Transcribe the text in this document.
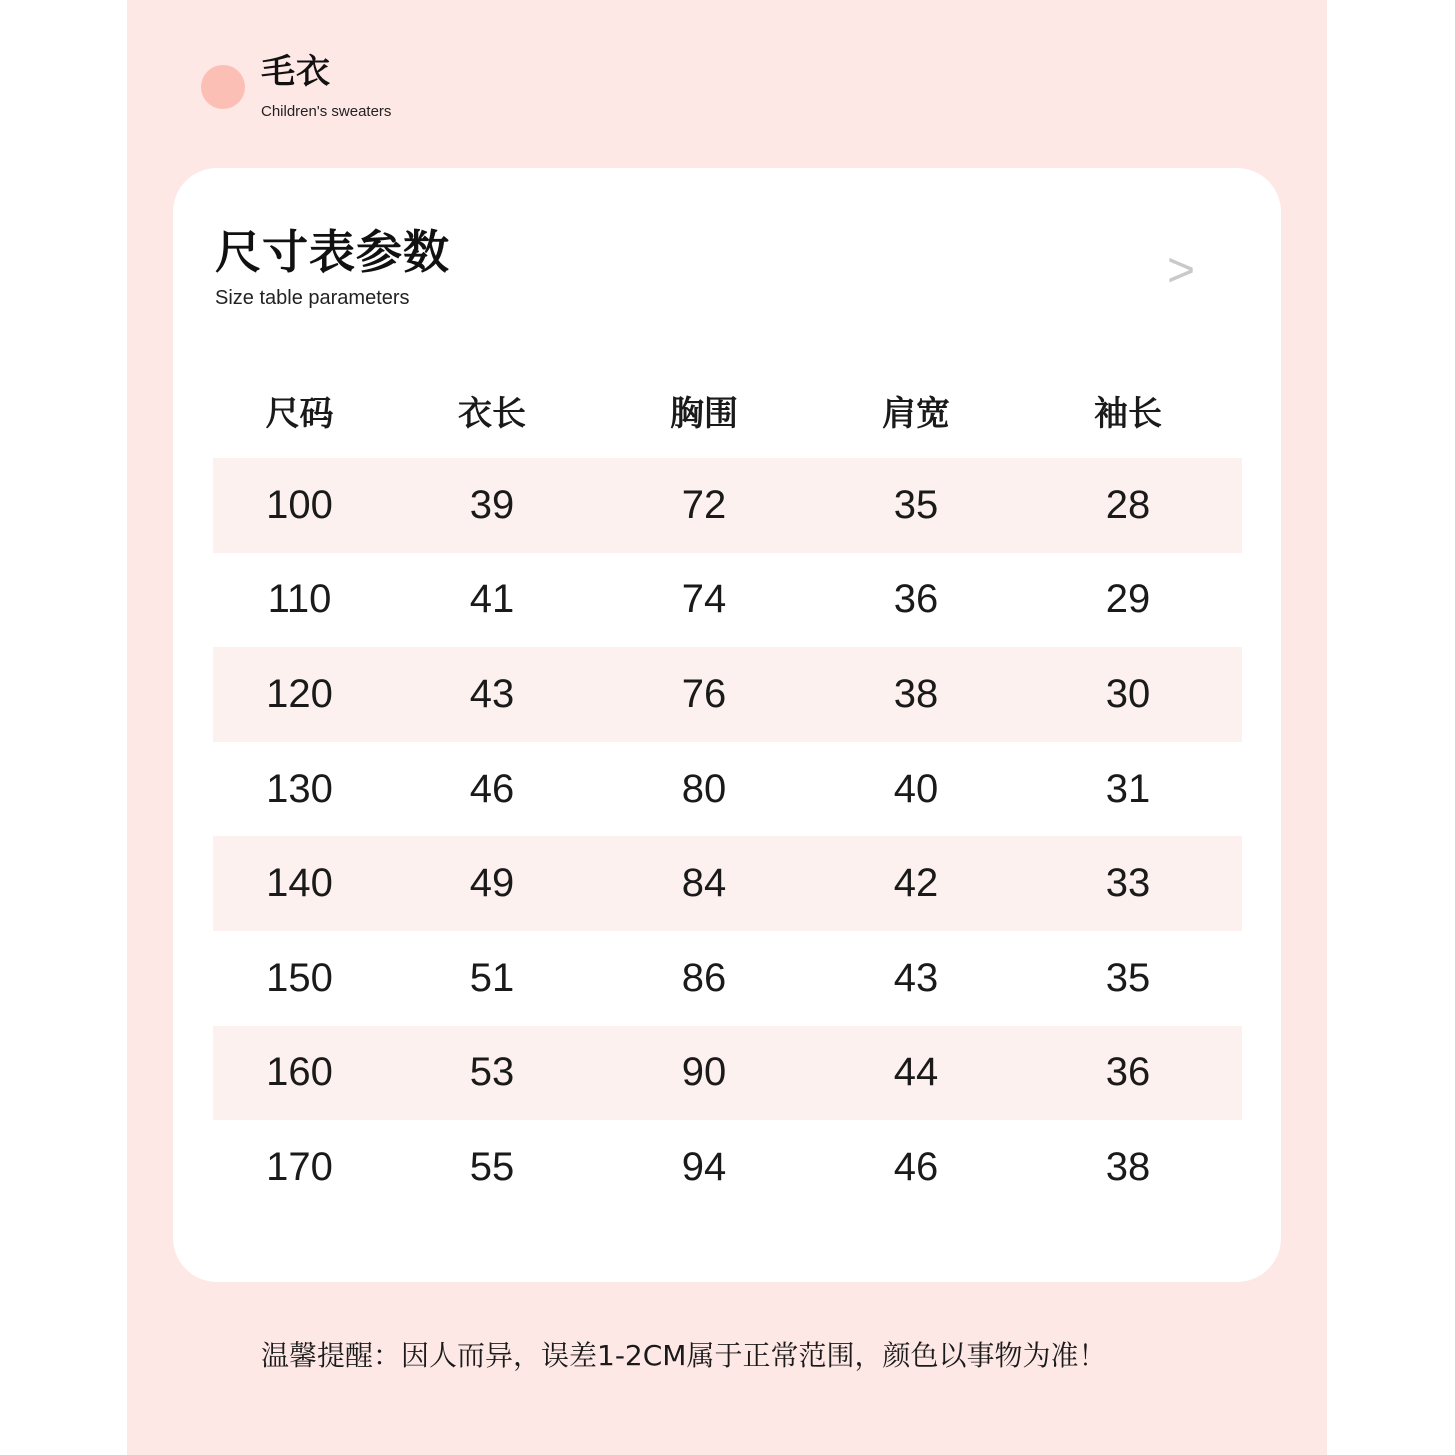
毛衣
Children's sweaters
尺寸表参数
Size table parameters
>
尺码	衣长	胸围	肩宽	袖长
100	39	72	35	28
110	41	74	36	29
120	43	76	38	30
130	46	80	40	31
140	49	84	42	33
150	51	86	43	35
160	53	90	44	36
170	55	94	46	38
温馨提醒：因人而异，误差1-2CM属于正常范围，颜色以事物为准！
